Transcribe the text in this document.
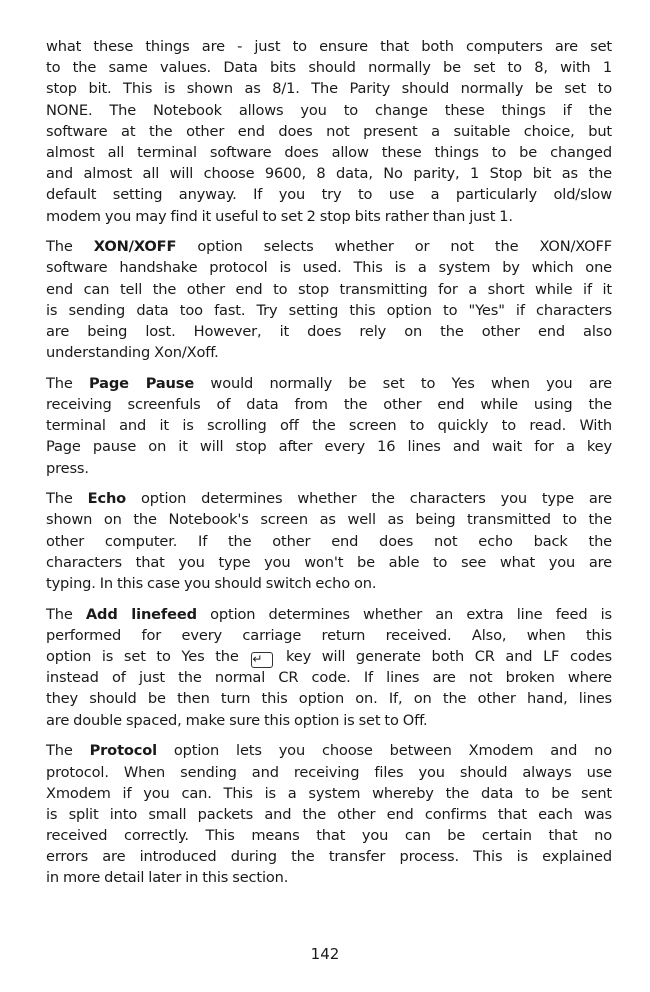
what these things are - just to ensure that both computers are set
to the same values. Data bits should normally be set to 8, with 1
stop bit. This is shown as 8/1. The Parity should normally be set to
NONE. The Notebook allows you to change these things if the
software at the other end does not present a suitable choice, but
almost all terminal software does allow these things to be changed
and almost all will choose 9600, 8 data, No parity, 1 Stop bit as the
default setting anyway. If you try to use a particularly old/slow
modem you may find it useful to set 2 stop bits rather than just 1.
The XON/XOFF option selects whether or not the XON/XOFF
software handshake protocol is used. This is a system by which one
end can tell the other end to stop transmitting for a short while if it
is sending data too fast. Try setting this option to "Yes" if characters
are being lost. However, it does rely on the other end also
understanding Xon/Xoff.
The Page Pause would normally be set to Yes when you are
receiving screenfuls of data from the other end while using the
terminal and it is scrolling off the screen to quickly to read. With
Page pause on it will stop after every 16 lines and wait for a key
press.
The Echo option determines whether the characters you type are
shown on the Notebook's screen as well as being transmitted to the
other computer. If the other end does not echo back the
characters that you type you won't be able to see what you are
typing. In this case you should switch echo on.
The Add linefeed option determines whether an extra line feed is
performed for every carriage return received. Also, when this
option is set to Yes the ↵ key will generate both CR and LF codes
instead of just the normal CR code. If lines are not broken where
they should be then turn this option on. If, on the other hand, lines
are double spaced, make sure this option is set to Off.
The Protocol option lets you choose between Xmodem and no
protocol. When sending and receiving files you should always use
Xmodem if you can. This is a system whereby the data to be sent
is split into small packets and the other end confirms that each was
received correctly. This means that you can be certain that no
errors are introduced during the transfer process. This is explained
in more detail later in this section.
142
